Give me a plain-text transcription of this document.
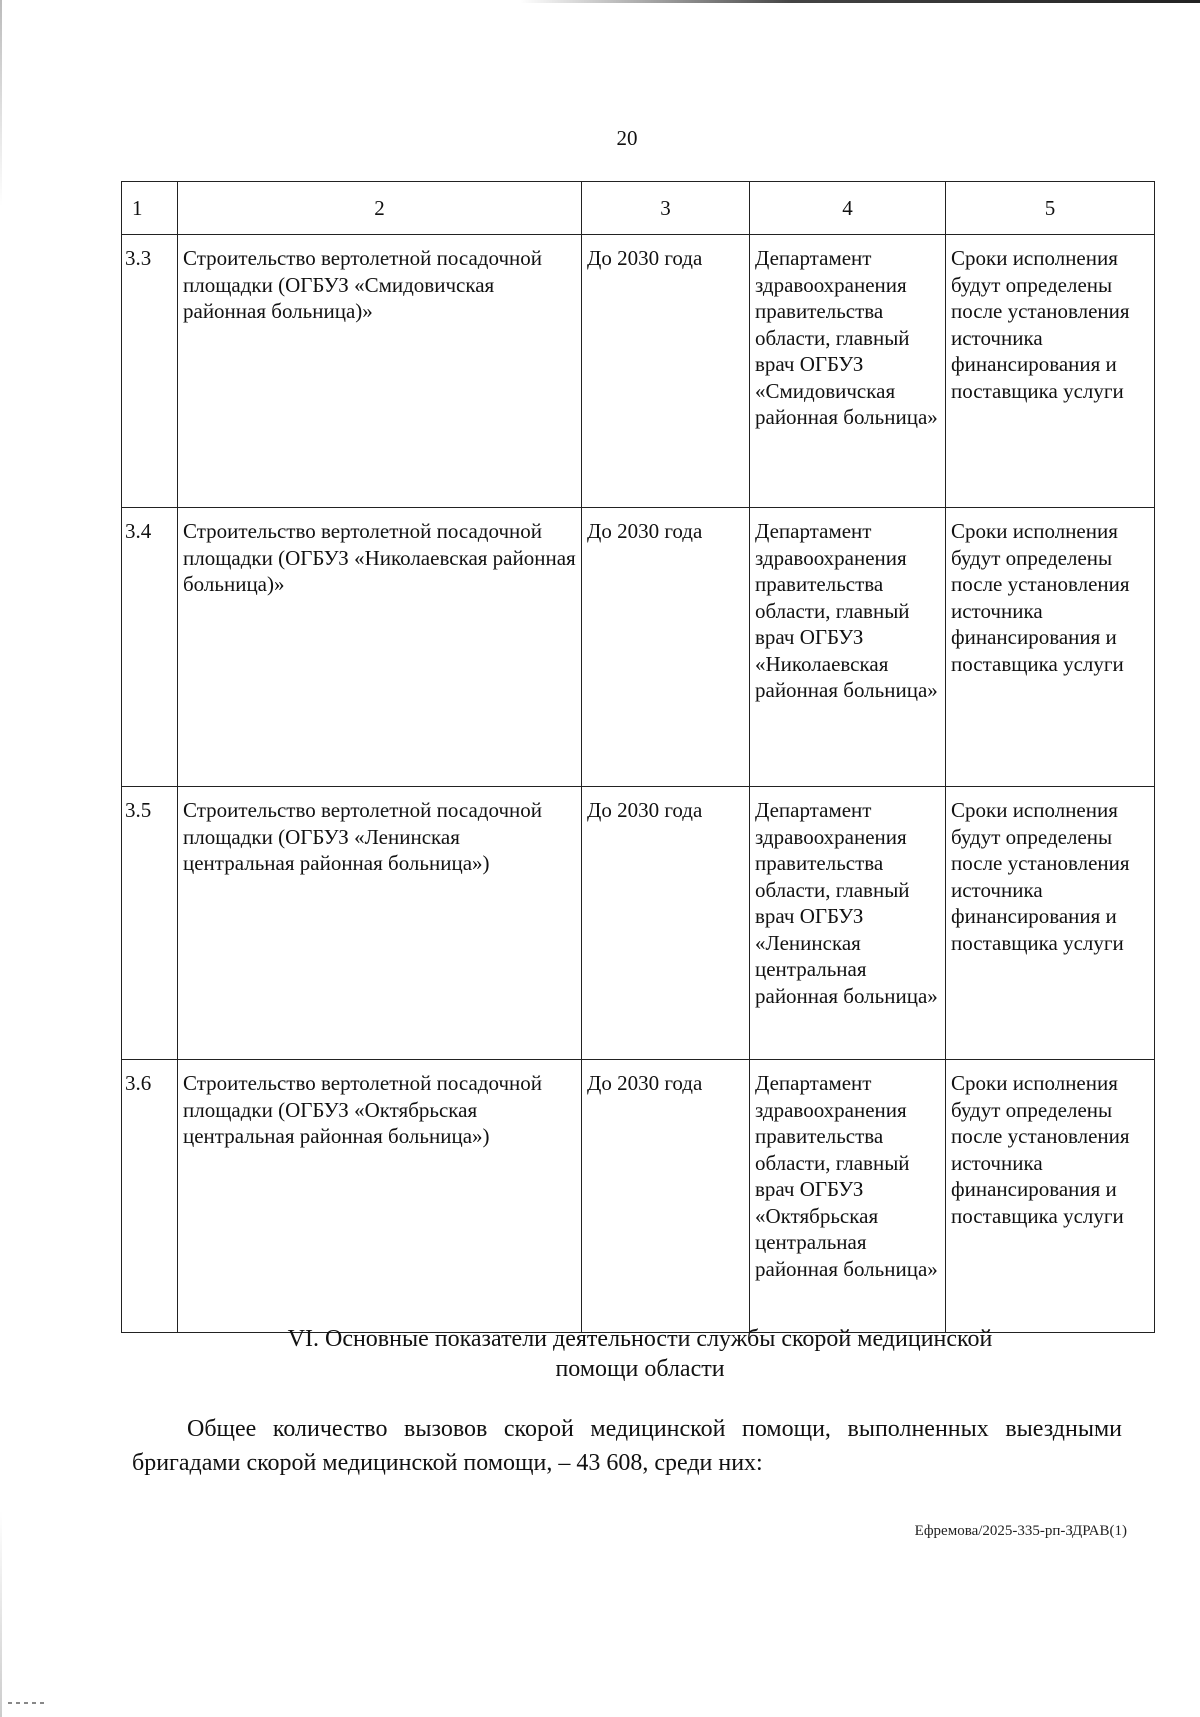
20
1	2	3	4	5
3.3	Строительство вертолетной посадочной площадки (ОГБУЗ «Смидовичская районная больница)»	До 2030 года	Департамент здравоохранения правительства области, главный врач ОГБУЗ «Смидовичская районная больница»	Сроки исполнения будут определены после установления источника финансирования и поставщика услуги
3.4	Строительство вертолетной посадочной площадки (ОГБУЗ «Николаевская районная больница)»	До 2030 года	Департамент здравоохранения правительства области, главный врач ОГБУЗ «Николаевская районная больница»	Сроки исполнения будут определены после установления источника финансирования и поставщика услуги
3.5	Строительство вертолетной посадочной площадки (ОГБУЗ «Ленинская центральная районная больница»)	До 2030 года	Департамент здравоохранения правительства области, главный врач ОГБУЗ «Ленинская центральная районная больница»	Сроки исполнения будут определены после установления источника финансирования и поставщика услуги
3.6	Строительство вертолетной посадочной площадки (ОГБУЗ «Октябрьская центральная районная больница»)	До 2030 года	Департамент здравоохранения правительства области, главный врач ОГБУЗ «Октябрьская центральная районная больница»	Сроки исполнения будут определены после установления источника финансирования и поставщика услуги
VI. Основные показатели деятельности службы скорой медицинской
помощи области
Общее количество вызовов скорой медицинской помощи, выполненных выездными бригадами скорой медицинской помощи, – 43 608, среди них:
Ефремова/2025-335-рп-ЗДРАВ(1)
